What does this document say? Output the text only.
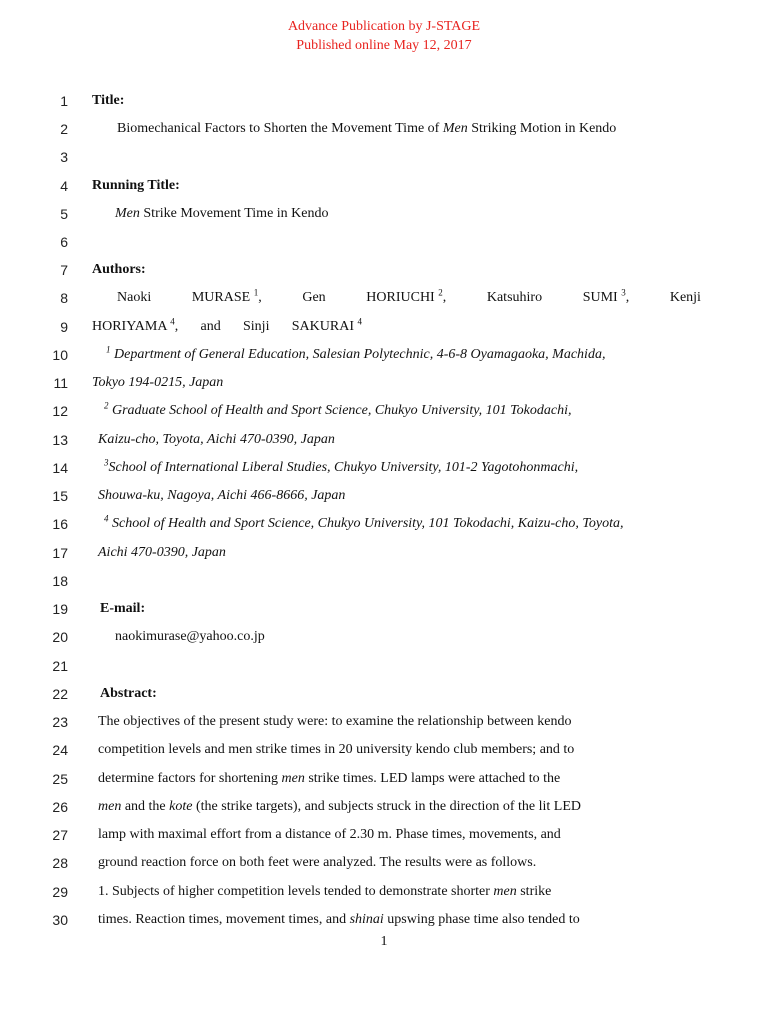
Advance Publication by J-STAGE
Published online May 12, 2017
1 Title:
2	Biomechanical Factors to Shorten the Movement Time of Men Striking Motion in Kendo
3
4 Running Title:
5	Men Strike Movement Time in Kendo
6
7 Authors:
8	Naoki	MURASE $^1$,	Gen	HORIUCHI $^2$,	Katsuhiro	SUMI $^3$,	Kenji
9 HORIYAMA $^4$, and Sinji SAKURAI $^4$
10	$^1$ Department of General Education, Salesian Polytechnic, 4-6-8 Oyamagaoka, Machida,
11 Tokyo 194-0215, Japan
12	$^2$ Graduate School of Health and Sport Science, Chukyo University, 101 Tokodachi,
13 Kaizu-cho, Toyota, Aichi 470-0390, Japan
14	$^3$School of International Liberal Studies, Chukyo University, 101-2 Yagotohonmachi,
15 Shouwa-ku, Nagoya, Aichi 466-8666, Japan
16	$^4$ School of Health and Sport Science, Chukyo University, 101 Tokodachi, Kaizu-cho, Toyota,
17 Aichi 470-0390, Japan
18
19 E-mail:
20	naokimurase@yahoo.co.jp
21
22 Abstract:
23 The objectives of the present study were: to examine the relationship between kendo
24 competition levels and men strike times in 20 university kendo club members; and to
25 determine factors for shortening men strike times. LED lamps were attached to the
26 men and the kote (the strike targets), and subjects struck in the direction of the lit LED
27 lamp with maximal effort from a distance of 2.30 m. Phase times, movements, and
28 ground reaction force on both feet were analyzed. The results were as follows.
29 1. Subjects of higher competition levels tended to demonstrate shorter men strike
30 times. Reaction times, movement times, and shinai upswing phase time also tended to
1
